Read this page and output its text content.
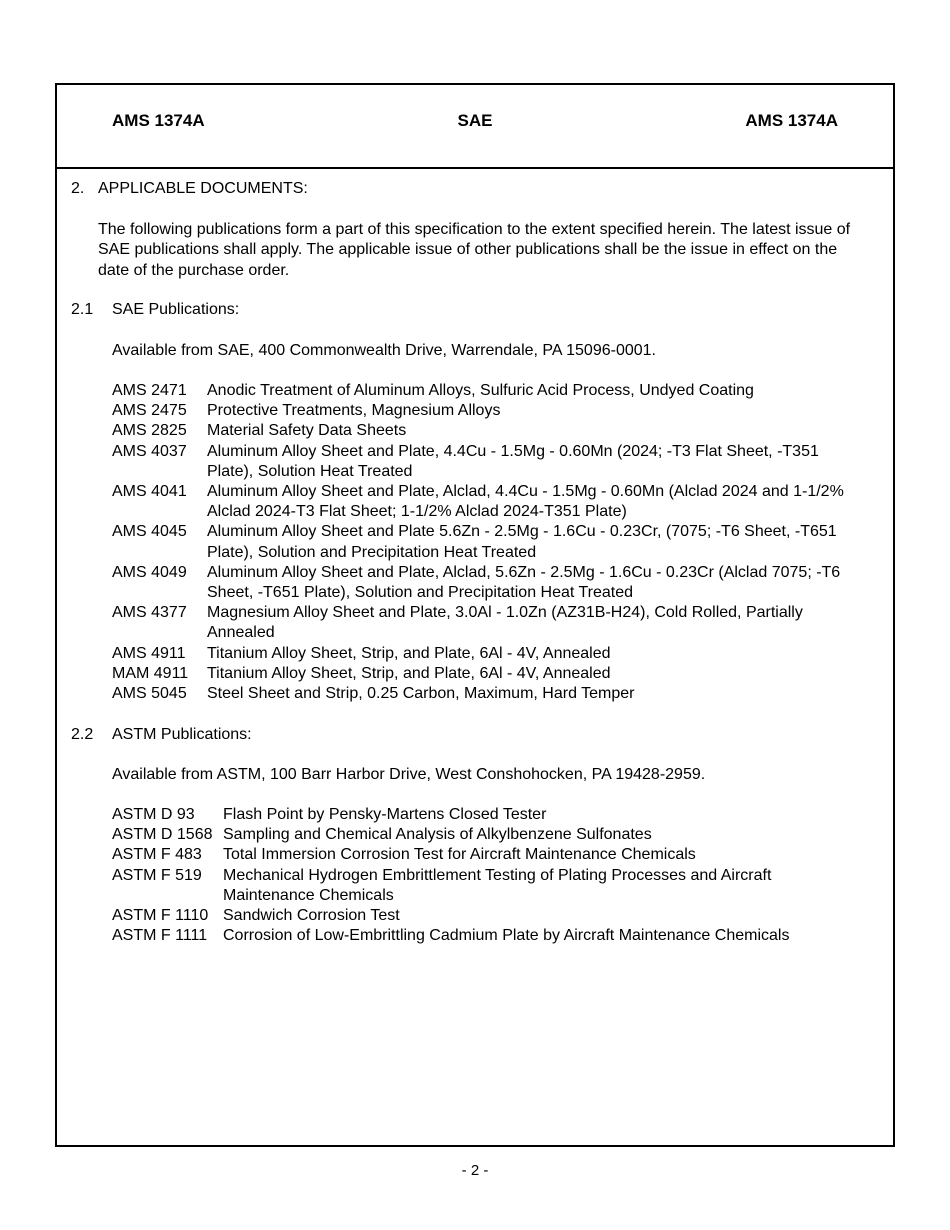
AMS 1374A	SAE	AMS 1374A
2. APPLICABLE DOCUMENTS:
The following publications form a part of this specification to the extent specified herein. The latest issue of SAE publications shall apply. The applicable issue of other publications shall be the issue in effect on the date of the purchase order.
2.1 SAE Publications:
Available from SAE, 400 Commonwealth Drive, Warrendale, PA 15096-0001.
AMS 2471 Anodic Treatment of Aluminum Alloys, Sulfuric Acid Process, Undyed Coating
AMS 2475 Protective Treatments, Magnesium Alloys
AMS 2825 Material Safety Data Sheets
AMS 4037 Aluminum Alloy Sheet and Plate, 4.4Cu - 1.5Mg - 0.60Mn (2024; -T3 Flat Sheet, -T351 Plate), Solution Heat Treated
AMS 4041 Aluminum Alloy Sheet and Plate, Alclad, 4.4Cu - 1.5Mg - 0.60Mn (Alclad 2024 and 1-1/2% Alclad 2024-T3 Flat Sheet; 1-1/2% Alclad 2024-T351 Plate)
AMS 4045 Aluminum Alloy Sheet and Plate 5.6Zn - 2.5Mg - 1.6Cu - 0.23Cr, (7075; -T6 Sheet, -T651 Plate), Solution and Precipitation Heat Treated
AMS 4049 Aluminum Alloy Sheet and Plate, Alclad, 5.6Zn - 2.5Mg - 1.6Cu - 0.23Cr (Alclad 7075; -T6 Sheet, -T651 Plate), Solution and Precipitation Heat Treated
AMS 4377 Magnesium Alloy Sheet and Plate, 3.0Al - 1.0Zn (AZ31B-H24), Cold Rolled, Partially Annealed
AMS 4911 Titanium Alloy Sheet, Strip, and Plate, 6Al - 4V, Annealed
MAM 4911 Titanium Alloy Sheet, Strip, and Plate, 6Al - 4V, Annealed
AMS 5045 Steel Sheet and Strip, 0.25 Carbon, Maximum, Hard Temper
2.2 ASTM Publications:
Available from ASTM, 100 Barr Harbor Drive, West Conshohocken, PA 19428-2959.
ASTM D 93 Flash Point by Pensky-Martens Closed Tester
ASTM D 1568 Sampling and Chemical Analysis of Alkylbenzene Sulfonates
ASTM F 483 Total Immersion Corrosion Test for Aircraft Maintenance Chemicals
ASTM F 519 Mechanical Hydrogen Embrittlement Testing of Plating Processes and Aircraft Maintenance Chemicals
ASTM F 1110 Sandwich Corrosion Test
ASTM F 1111 Corrosion of Low-Embrittling Cadmium Plate by Aircraft Maintenance Chemicals
- 2 -
